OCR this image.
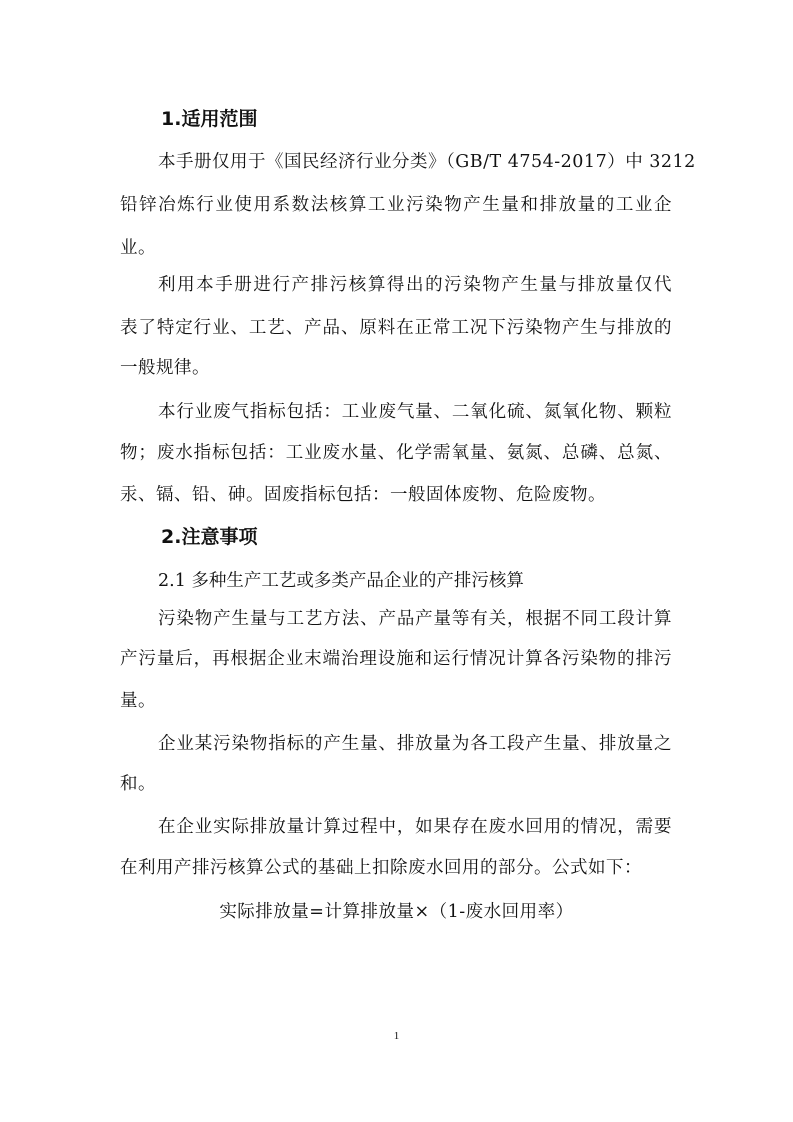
1.适用范围
本手册仅用于《国民经济行业分类》（GB/T 4754-2017）中 3212
铅锌冶炼行业使用系数法核算工业污染物产生量和排放量的工业企
业。
利用本手册进行产排污核算得出的污染物产生量与排放量仅代
表了特定行业、工艺、产品、原料在正常工况下污染物产生与排放的
一般规律。
本行业废气指标包括：工业废气量、二氧化硫、氮氧化物、颗粒
物；废水指标包括：工业废水量、化学需氧量、氨氮、总磷、总氮、
汞、镉、铅、砷。固废指标包括：一般固体废物、危险废物。
2.注意事项
2.1 多种生产工艺或多类产品企业的产排污核算
污染物产生量与工艺方法、产品产量等有关，根据不同工段计算
产污量后，再根据企业末端治理设施和运行情况计算各污染物的排污
量。
企业某污染物指标的产生量、排放量为各工段产生量、排放量之
和。
在企业实际排放量计算过程中，如果存在废水回用的情况，需要
在利用产排污核算公式的基础上扣除废水回用的部分。公式如下：
实际排放量=计算排放量×（1-废水回用率）
1
